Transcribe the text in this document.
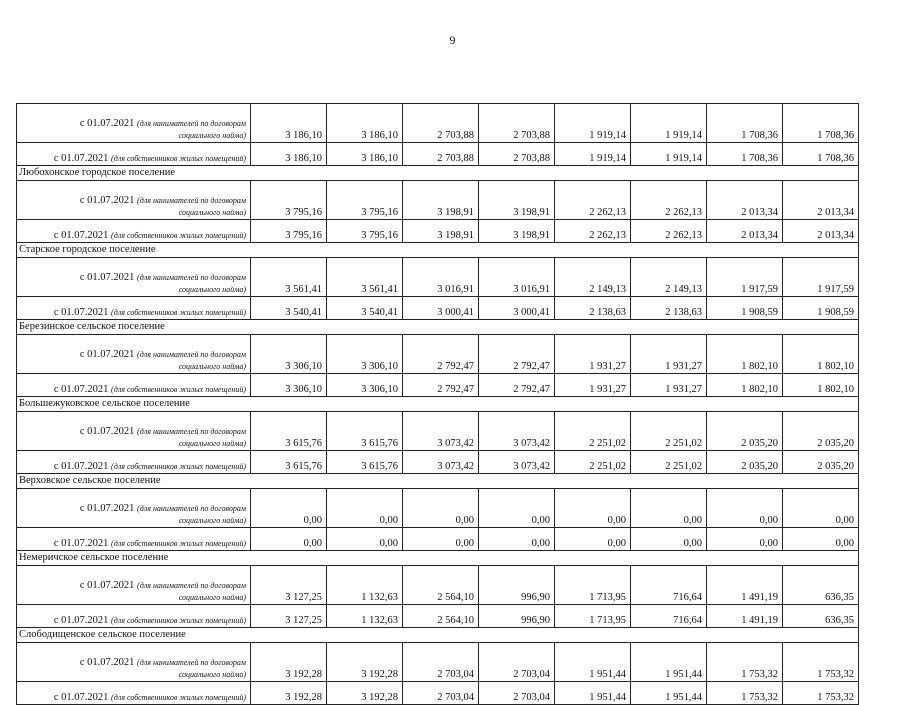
9
с 01.07.2021 (для нанимателей по договорам
социального найма)	3 186,10	3 186,10	2 703,88	2 703,88	1 919,14	1 919,14	1 708,36	1 708,36
с 01.07.2021 (для собственников жилых помещений)	3 186,10	3 186,10	2 703,88	2 703,88	1 919,14	1 919,14	1 708,36	1 708,36
Любохонское городское поселение								
с 01.07.2021 (для нанимателей по договорам
социального найма)	3 795,16	3 795,16	3 198,91	3 198,91	2 262,13	2 262,13	2 013,34	2 013,34
с 01.07.2021 (для собственников жилых помещений)	3 795,16	3 795,16	3 198,91	3 198,91	2 262,13	2 262,13	2 013,34	2 013,34
Старское городское поселение								
с 01.07.2021 (для нанимателей по договорам
социального найма)	3 561,41	3 561,41	3 016,91	3 016,91	2 149,13	2 149,13	1 917,59	1 917,59
с 01.07.2021 (для собственников жилых помещений)	3 540,41	3 540,41	3 000,41	3 000,41	2 138,63	2 138,63	1 908,59	1 908,59
Березинское сельское поселение								
с 01.07.2021 (для нанимателей по договорам
социального найма)	3 306,10	3 306,10	2 792,47	2 792,47	1 931,27	1 931,27	1 802,10	1 802,10
с 01.07.2021 (для собственников жилых помещений)	3 306,10	3 306,10	2 792,47	2 792,47	1 931,27	1 931,27	1 802,10	1 802,10
Большежуковское сельское поселение								
с 01.07.2021 (для нанимателей по договорам
социального найма)	3 615,76	3 615,76	3 073,42	3 073,42	2 251,02	2 251,02	2 035,20	2 035,20
с 01.07.2021 (для собственников жилых помещений)	3 615,76	3 615,76	3 073,42	3 073,42	2 251,02	2 251,02	2 035,20	2 035,20
Верховское сельское поселение								
с 01.07.2021 (для нанимателей по договорам
социального найма)	0,00	0,00	0,00	0,00	0,00	0,00	0,00	0,00
с 01.07.2021 (для собственников жилых помещений)	0,00	0,00	0,00	0,00	0,00	0,00	0,00	0,00
Немеричское сельское поселение								
с 01.07.2021 (для нанимателей по договорам
социального найма)	3 127,25	1 132,63	2 564,10	996,90	1 713,95	716,64	1 491,19	636,35
с 01.07.2021 (для собственников жилых помещений)	3 127,25	1 132,63	2 564,10	996,90	1 713,95	716,64	1 491,19	636,35
Слободищенское сельское поселение								
с 01.07.2021 (для нанимателей по договорам
социального найма)	3 192,28	3 192,28	2 703,04	2 703,04	1 951,44	1 951,44	1 753,32	1 753,32
с 01.07.2021 (для собственников жилых помещений)	3 192,28	3 192,28	2 703,04	2 703,04	1 951,44	1 951,44	1 753,32	1 753,32
